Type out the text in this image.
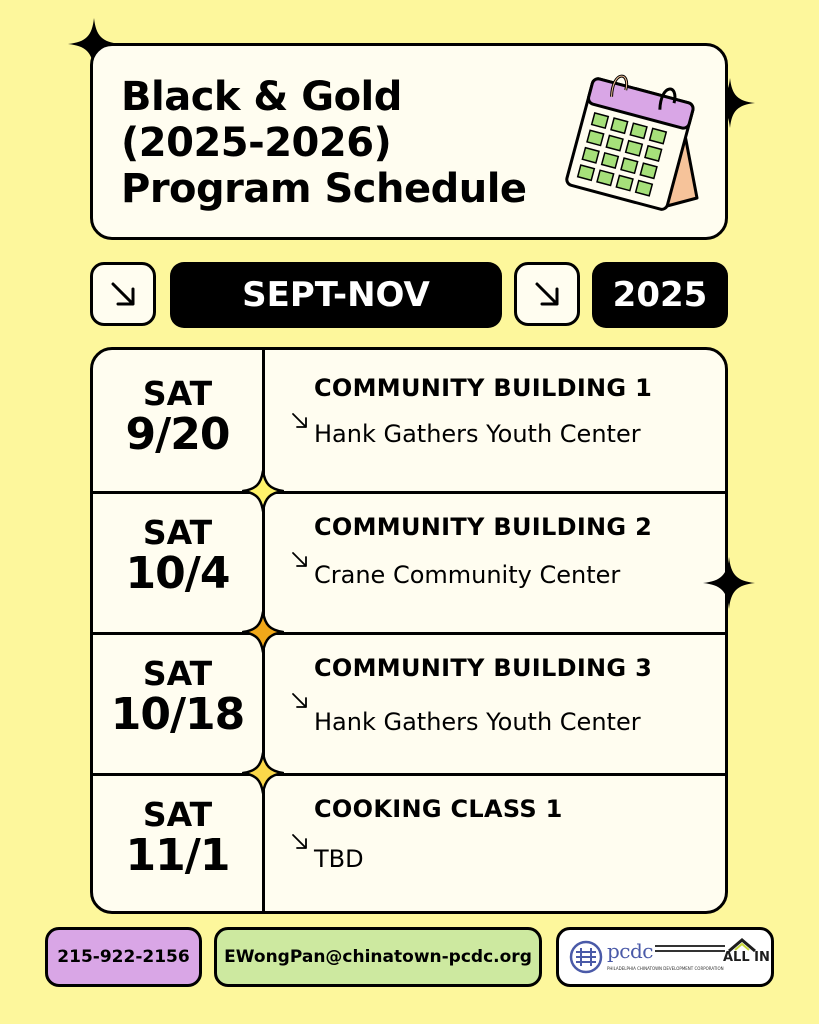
Black & Gold
(2025-2026)
Program Schedule
SEPT-NOV	2025
SAT
9/20
COMMUNITY BUILDING 1
Hank Gathers Youth Center
SAT
10/4
COMMUNITY BUILDING 2
Crane Community Center
SAT
10/18
COMMUNITY BUILDING 3
Hank Gathers Youth Center
SAT
11/1
COOKING CLASS 1
TBD
215-922-2156 EWongPan@chinatown-pcdc.org	pcdc
PHILADELPHIA CHINATOWN DEVELOPMENT CORPORATION
ALL IN
